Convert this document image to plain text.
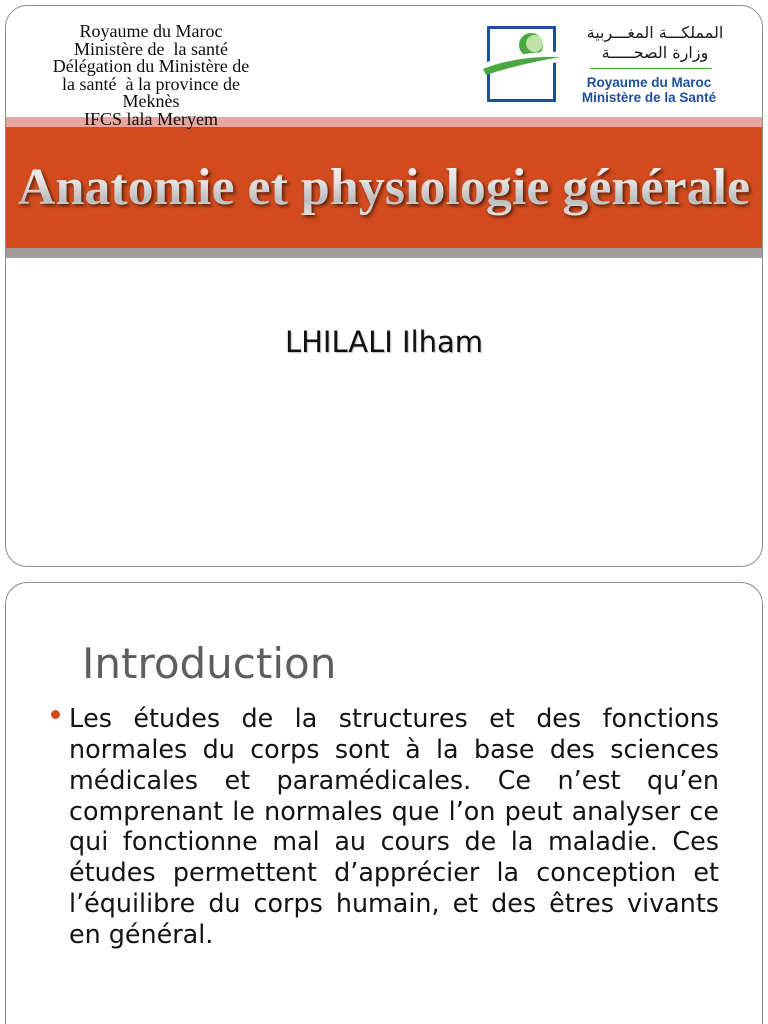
Anatomie et physiologie générale
Royaume du Maroc
Ministère de  la santé
Délégation du Ministère de
la santé  à la province de
Meknès
IFCS lala Meryem
المملكـــة المغـــربية
وزارة الصحـــــة
Royaume du Maroc
Ministère de la Santé
LHILALI Ilham
Introduction

Les études de la structures et des fonctions normales du corps sont à la base des sciences médicales et paramédicales. Ce n’est qu’en comprenant le normales que l’on peut analyser ce qui fonctionne mal au cours de la maladie. Ces études permettent d’apprécier la conception et l’équilibre du corps humain, et des êtres vivants en général.
